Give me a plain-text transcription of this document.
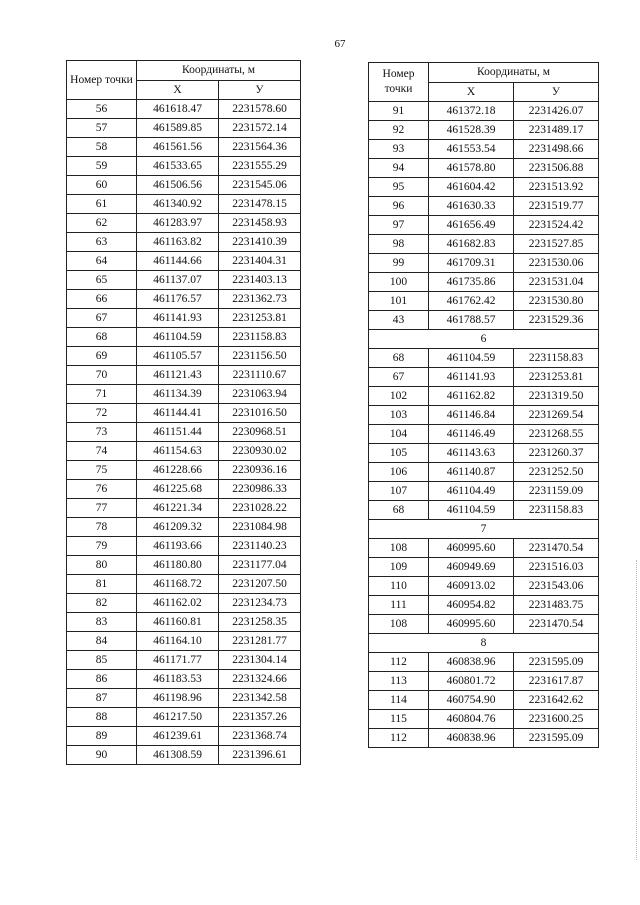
67
Номер точки	Координаты, м	
	X	У
56	461618.47	2231578.60
57	461589.85	2231572.14
58	461561.56	2231564.36
59	461533.65	2231555.29
60	461506.56	2231545.06
61	461340.92	2231478.15
62	461283.97	2231458.93
63	461163.82	2231410.39
64	461144.66	2231404.31
65	461137.07	2231403.13
66	461176.57	2231362.73
67	461141.93	2231253.81
68	461104.59	2231158.83
69	461105.57	2231156.50
70	461121.43	2231110.67
71	461134.39	2231063.94
72	461144.41	2231016.50
73	461151.44	2230968.51
74	461154.63	2230930.02
75	461228.66	2230936.16
76	461225.68	2230986.33
77	461221.34	2231028.22
78	461209.32	2231084.98
79	461193.66	2231140.23
80	461180.80	2231177.04
81	461168.72	2231207.50
82	461162.02	2231234.73
83	461160.81	2231258.35
84	461164.10	2231281.77
85	461171.77	2231304.14
86	461183.53	2231324.66
87	461198.96	2231342.58
88	461217.50	2231357.26
89	461239.61	2231368.74
90	461308.59	2231396.61
Номер точки	Координаты, м	
	X	У
91	461372.18	2231426.07
92	461528.39	2231489.17
93	461553.54	2231498.66
94	461578.80	2231506.88
95	461604.42	2231513.92
96	461630.33	2231519.77
97	461656.49	2231524.42
98	461682.83	2231527.85
99	461709.31	2231530.06
100	461735.86	2231531.04
101	461762.42	2231530.80
43	461788.57	2231529.36
6		
68	461104.59	2231158.83
67	461141.93	2231253.81
102	461162.82	2231319.50
103	461146.84	2231269.54
104	461146.49	2231268.55
105	461143.63	2231260.37
106	461140.87	2231252.50
107	461104.49	2231159.09
68	461104.59	2231158.83
7		
108	460995.60	2231470.54
109	460949.69	2231516.03
110	460913.02	2231543.06
111	460954.82	2231483.75
108	460995.60	2231470.54
8		
112	460838.96	2231595.09
113	460801.72	2231617.87
114	460754.90	2231642.62
115	460804.76	2231600.25
112	460838.96	2231595.09
